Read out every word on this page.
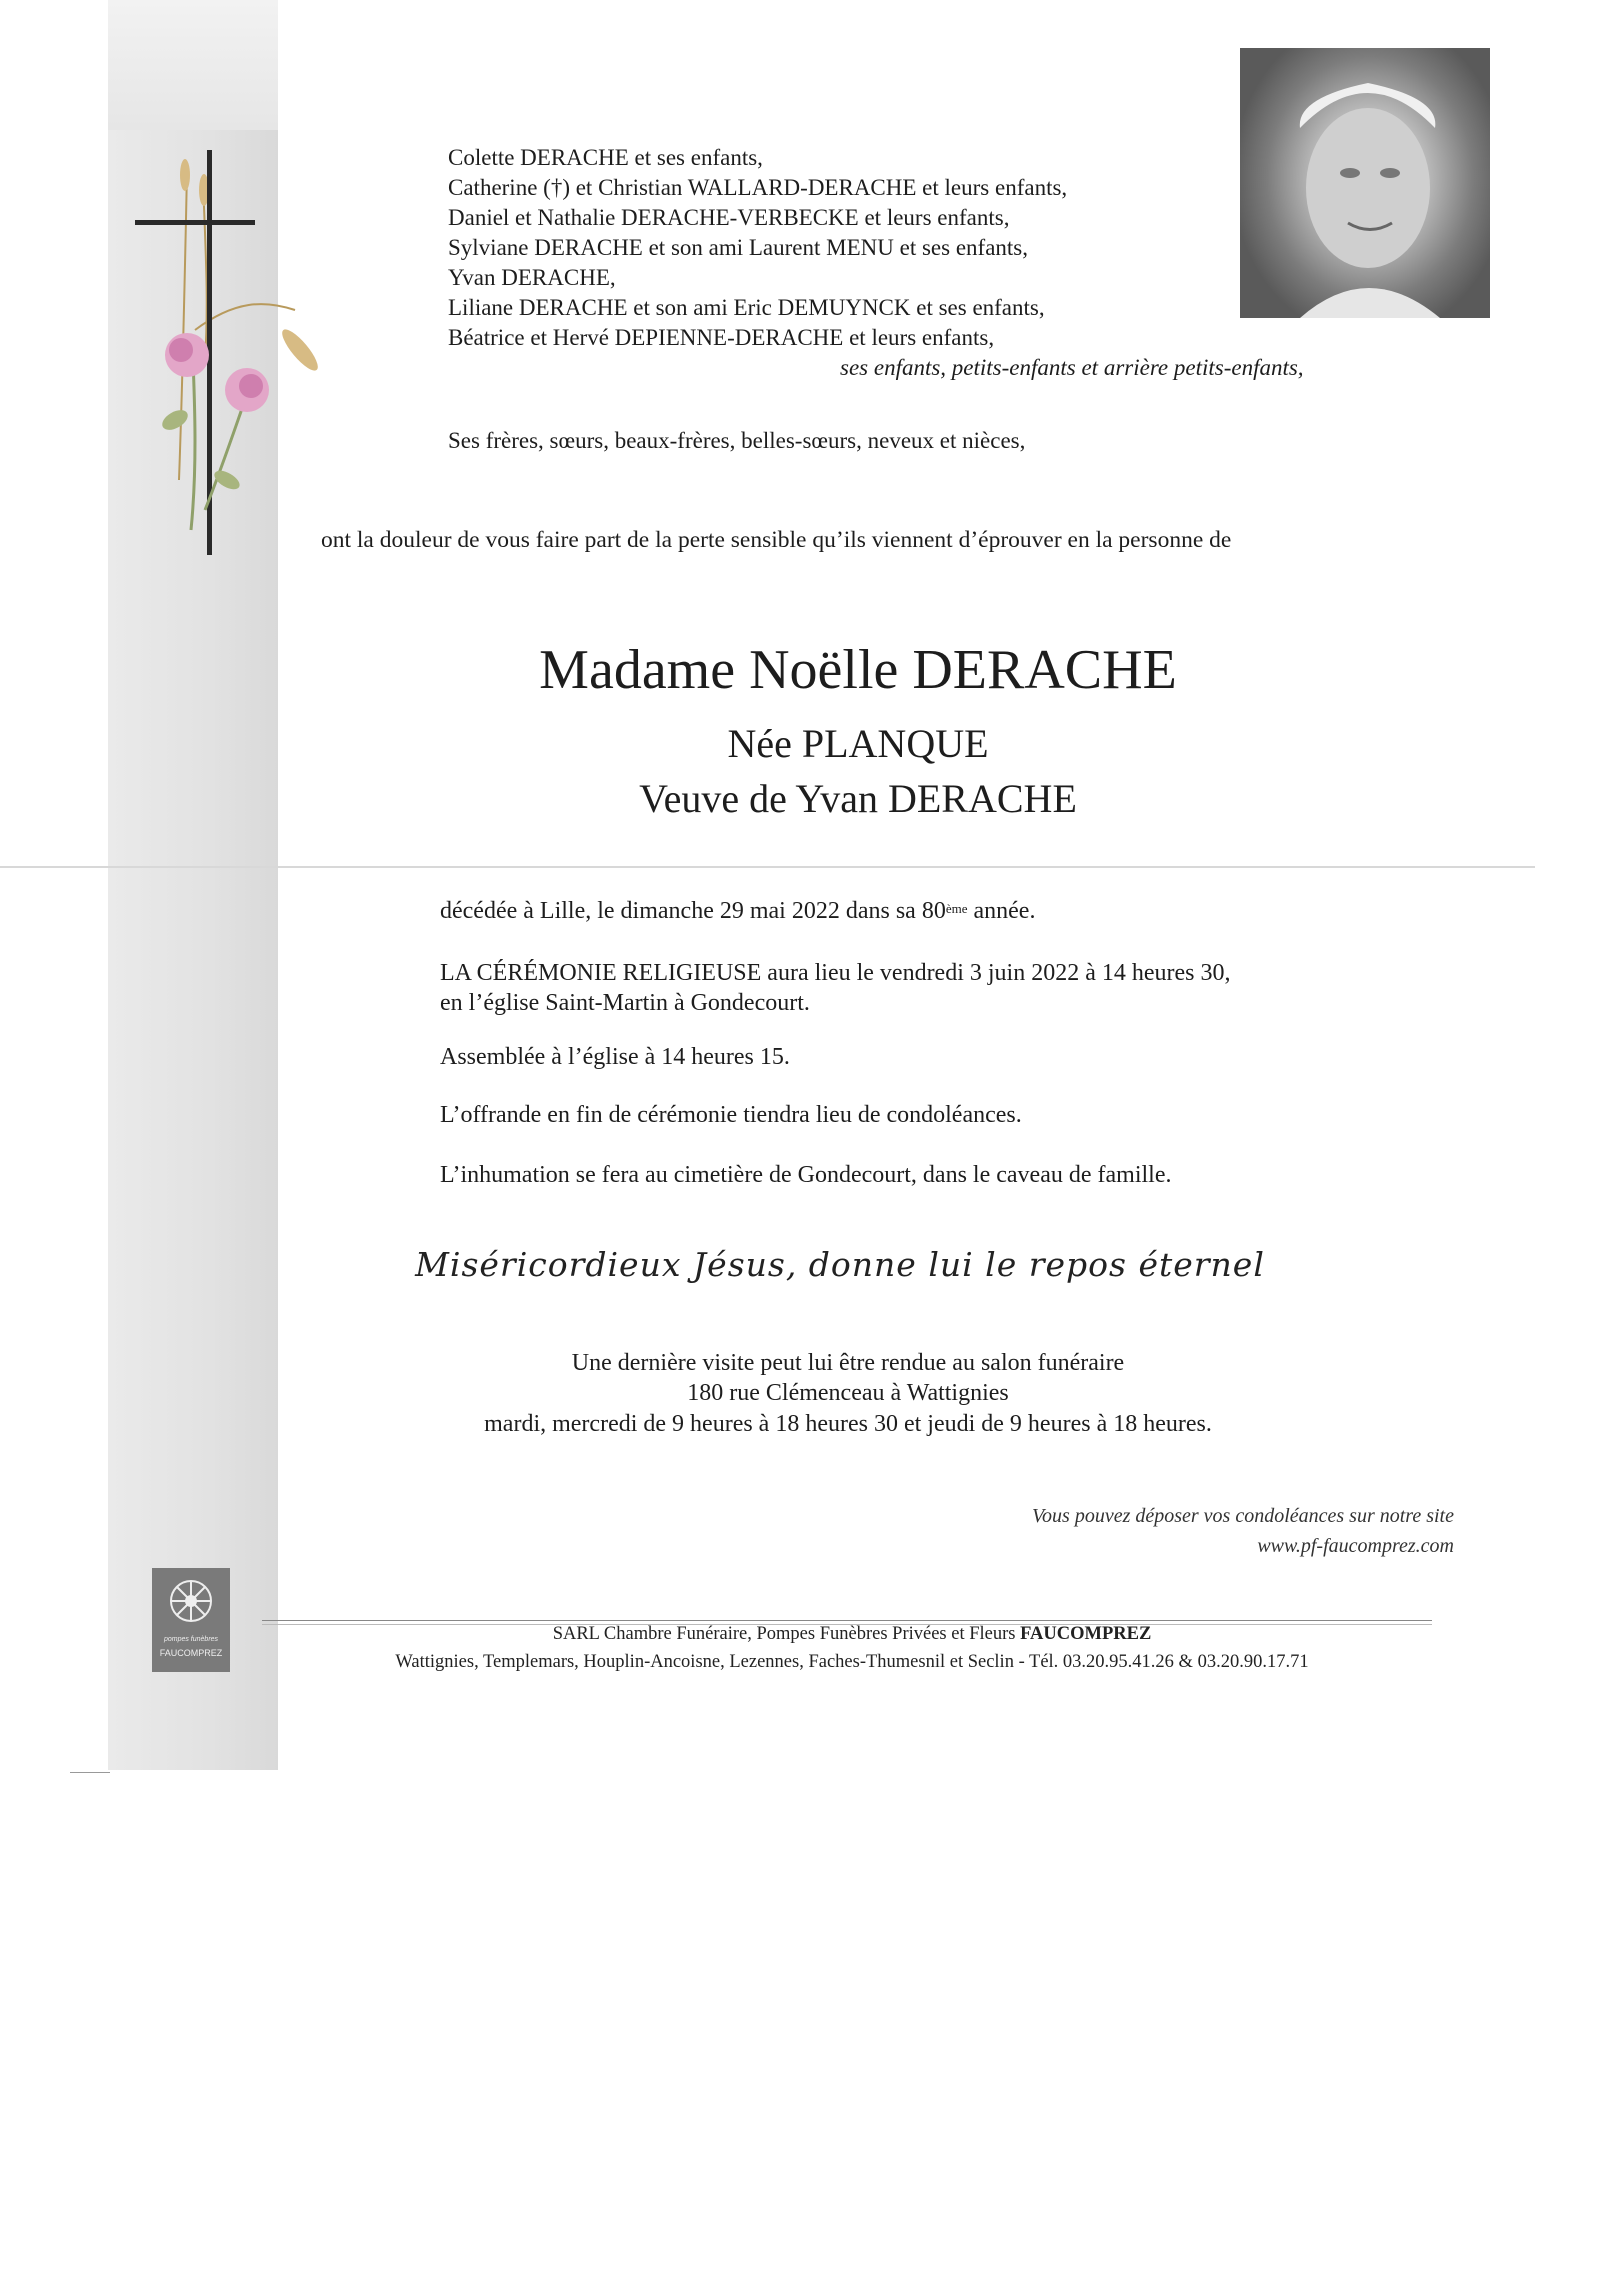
Colette DERACHE et ses enfants,
Catherine (†) et Christian WALLARD-DERACHE et leurs enfants,
Daniel et Nathalie DERACHE-VERBECKE et leurs enfants,
Sylviane DERACHE et son ami Laurent MENU et ses enfants,
Yvan DERACHE,
Liliane DERACHE et son ami Eric DEMUYNCK et ses enfants,
Béatrice et Hervé DEPIENNE-DERACHE et leurs enfants,
ses enfants, petits-enfants et arrière petits-enfants,
Ses frères, sœurs, beaux-frères, belles-sœurs, neveux et nièces,
ont la douleur de vous faire part de la perte sensible qu’ils viennent d’éprouver en la personne de
Madame Noëlle DERACHE
Née PLANQUE
Veuve de Yvan DERACHE
décédée à Lille, le dimanche 29 mai 2022 dans sa 80ème année.
LA CÉRÉMONIE RELIGIEUSE aura lieu le vendredi 3 juin 2022 à 14 heures 30,
en l’église Saint-Martin à Gondecourt.
Assemblée à l’église à 14 heures 15.
L’offrande en fin de cérémonie tiendra lieu de condoléances.
L’inhumation se fera au cimetière de Gondecourt, dans le caveau de famille.
Miséricordieux Jésus, donne lui le repos éternel
Une dernière visite peut lui être rendue au salon funéraire
180 rue Clémenceau à Wattignies
mardi, mercredi de 9 heures à 18 heures 30 et jeudi de 9 heures à 18 heures.
Vous pouvez déposer vos condoléances sur notre site
www.pf-faucomprez.com
pompes funèbres
FAUCOMPREZ
SARL Chambre Funéraire, Pompes Funèbres Privées et Fleurs FAUCOMPREZ
Wattignies, Templemars, Houplin-Ancoisne, Lezennes, Faches-Thumesnil et Seclin - Tél. 03.20.95.41.26 & 03.20.90.17.71
